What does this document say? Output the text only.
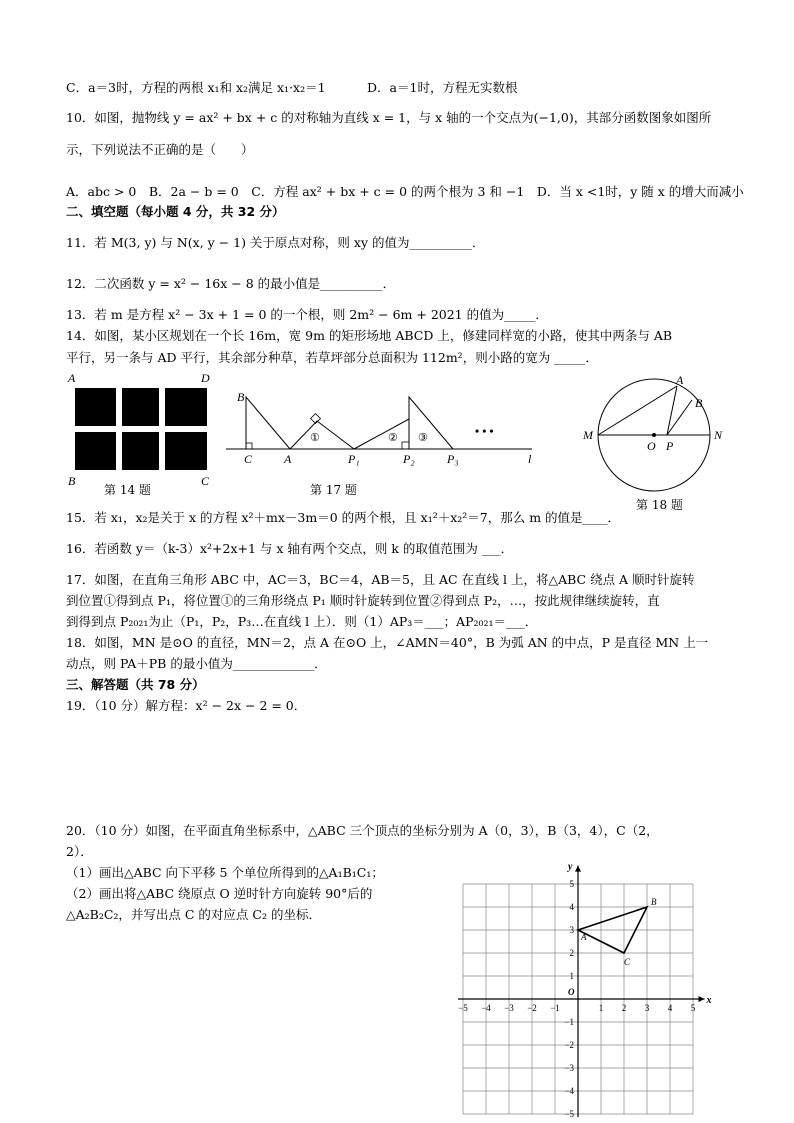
C．a＝3时，方程的两根 x₁和 x₂满足 x₁·x₂＝1　　　 D．a＝1时，方程无实数根
10．如图，抛物线 y = ax² + bx + c 的对称轴为直线 x = 1，与 x 轴的一个交点为(−1,0)，其部分函数图象如图所
示，下列说法不正确的是（　　）
A．abc > 0　B．2a − b = 0　C．方程 ax² + bx + c = 0 的两个根为 3 和 −1　D．当 x <1时，y 随 x 的增大而减小
二、填空题（每小题 4 分，共 32 分）
11．若 M(3, y) 与 N(x, y − 1) 关于原点对称，则 xy 的值为__________．
12．二次函数 y = x² − 16x − 8 的最小值是__________．
13．若 m 是方程 x² − 3x + 1 = 0 的一个根，则 2m² − 6m + 2021 的值为_____．
14．如图，某小区规划在一个长 16m，宽 9m 的矩形场地 ABCD 上，修建同样宽的小路，使其中两条与 AB
平行，另一条与 AD 平行，其余部分种草，若草坪部分总面积为 112m²，则小路的宽为 _____．
A	D
B	C
第 14 题
①	② ③	• • •
B
C	A	P₁	P₂	P₃	l
第 17 题
M	N
O P
A
B
第 18 题
15．若 x₁，x₂是关于 x 的方程 x²＋mx－3m＝0 的两个根，且 x₁²＋x₂²＝7，那么 m 的值是____．
16．若函数 y＝（k-3）x²+2x+1 与 x 轴有两个交点，则 k 的取值范围为 ___．
17．如图，在直角三角形 ABC 中，AC＝3，BC＝4，AB＝5，且 AC 在直线 l 上，将△ABC 绕点 A 顺时针旋转
到位置①得到点 P₁，将位置①的三角形绕点 P₁ 顺时针旋转到位置②得到点 P₂，…，按此规律继续旋转，直
到得到点 P₂₀₂₁为止（P₁，P₂，P₃…在直线 l 上）．则（1）AP₃＝___；AP₂₀₂₁＝___．
18．如图，MN 是⊙O 的直径，MN＝2，点 A 在⊙O 上，∠AMN＝40°，B 为弧 AN 的中点，P 是直径 MN 上一
动点，则 PA＋PB 的最小值为_____________．
三、解答题（共 78 分）
19．（10 分）解方程：x² − 2x − 2 = 0．
20．（10 分）如图，在平面直角坐标系中，△ABC 三个顶点的坐标分别为 A（0，3），B（3，4），C（2，
2）．
（1）画出△ABC 向下平移 5 个单位所得到的△A₁B₁C₁；
（2）画出将△ABC 绕原点 O 逆时针方向旋转 90°后的
△A₂B₂C₂，并写出点 C 的对应点 C₂ 的坐标．
x
y
O
−5 −4 −3 −2 −1	1 2 3 4 5
5
4
3
2
1
−1
−2
−3
−4
−5
A
B
C
